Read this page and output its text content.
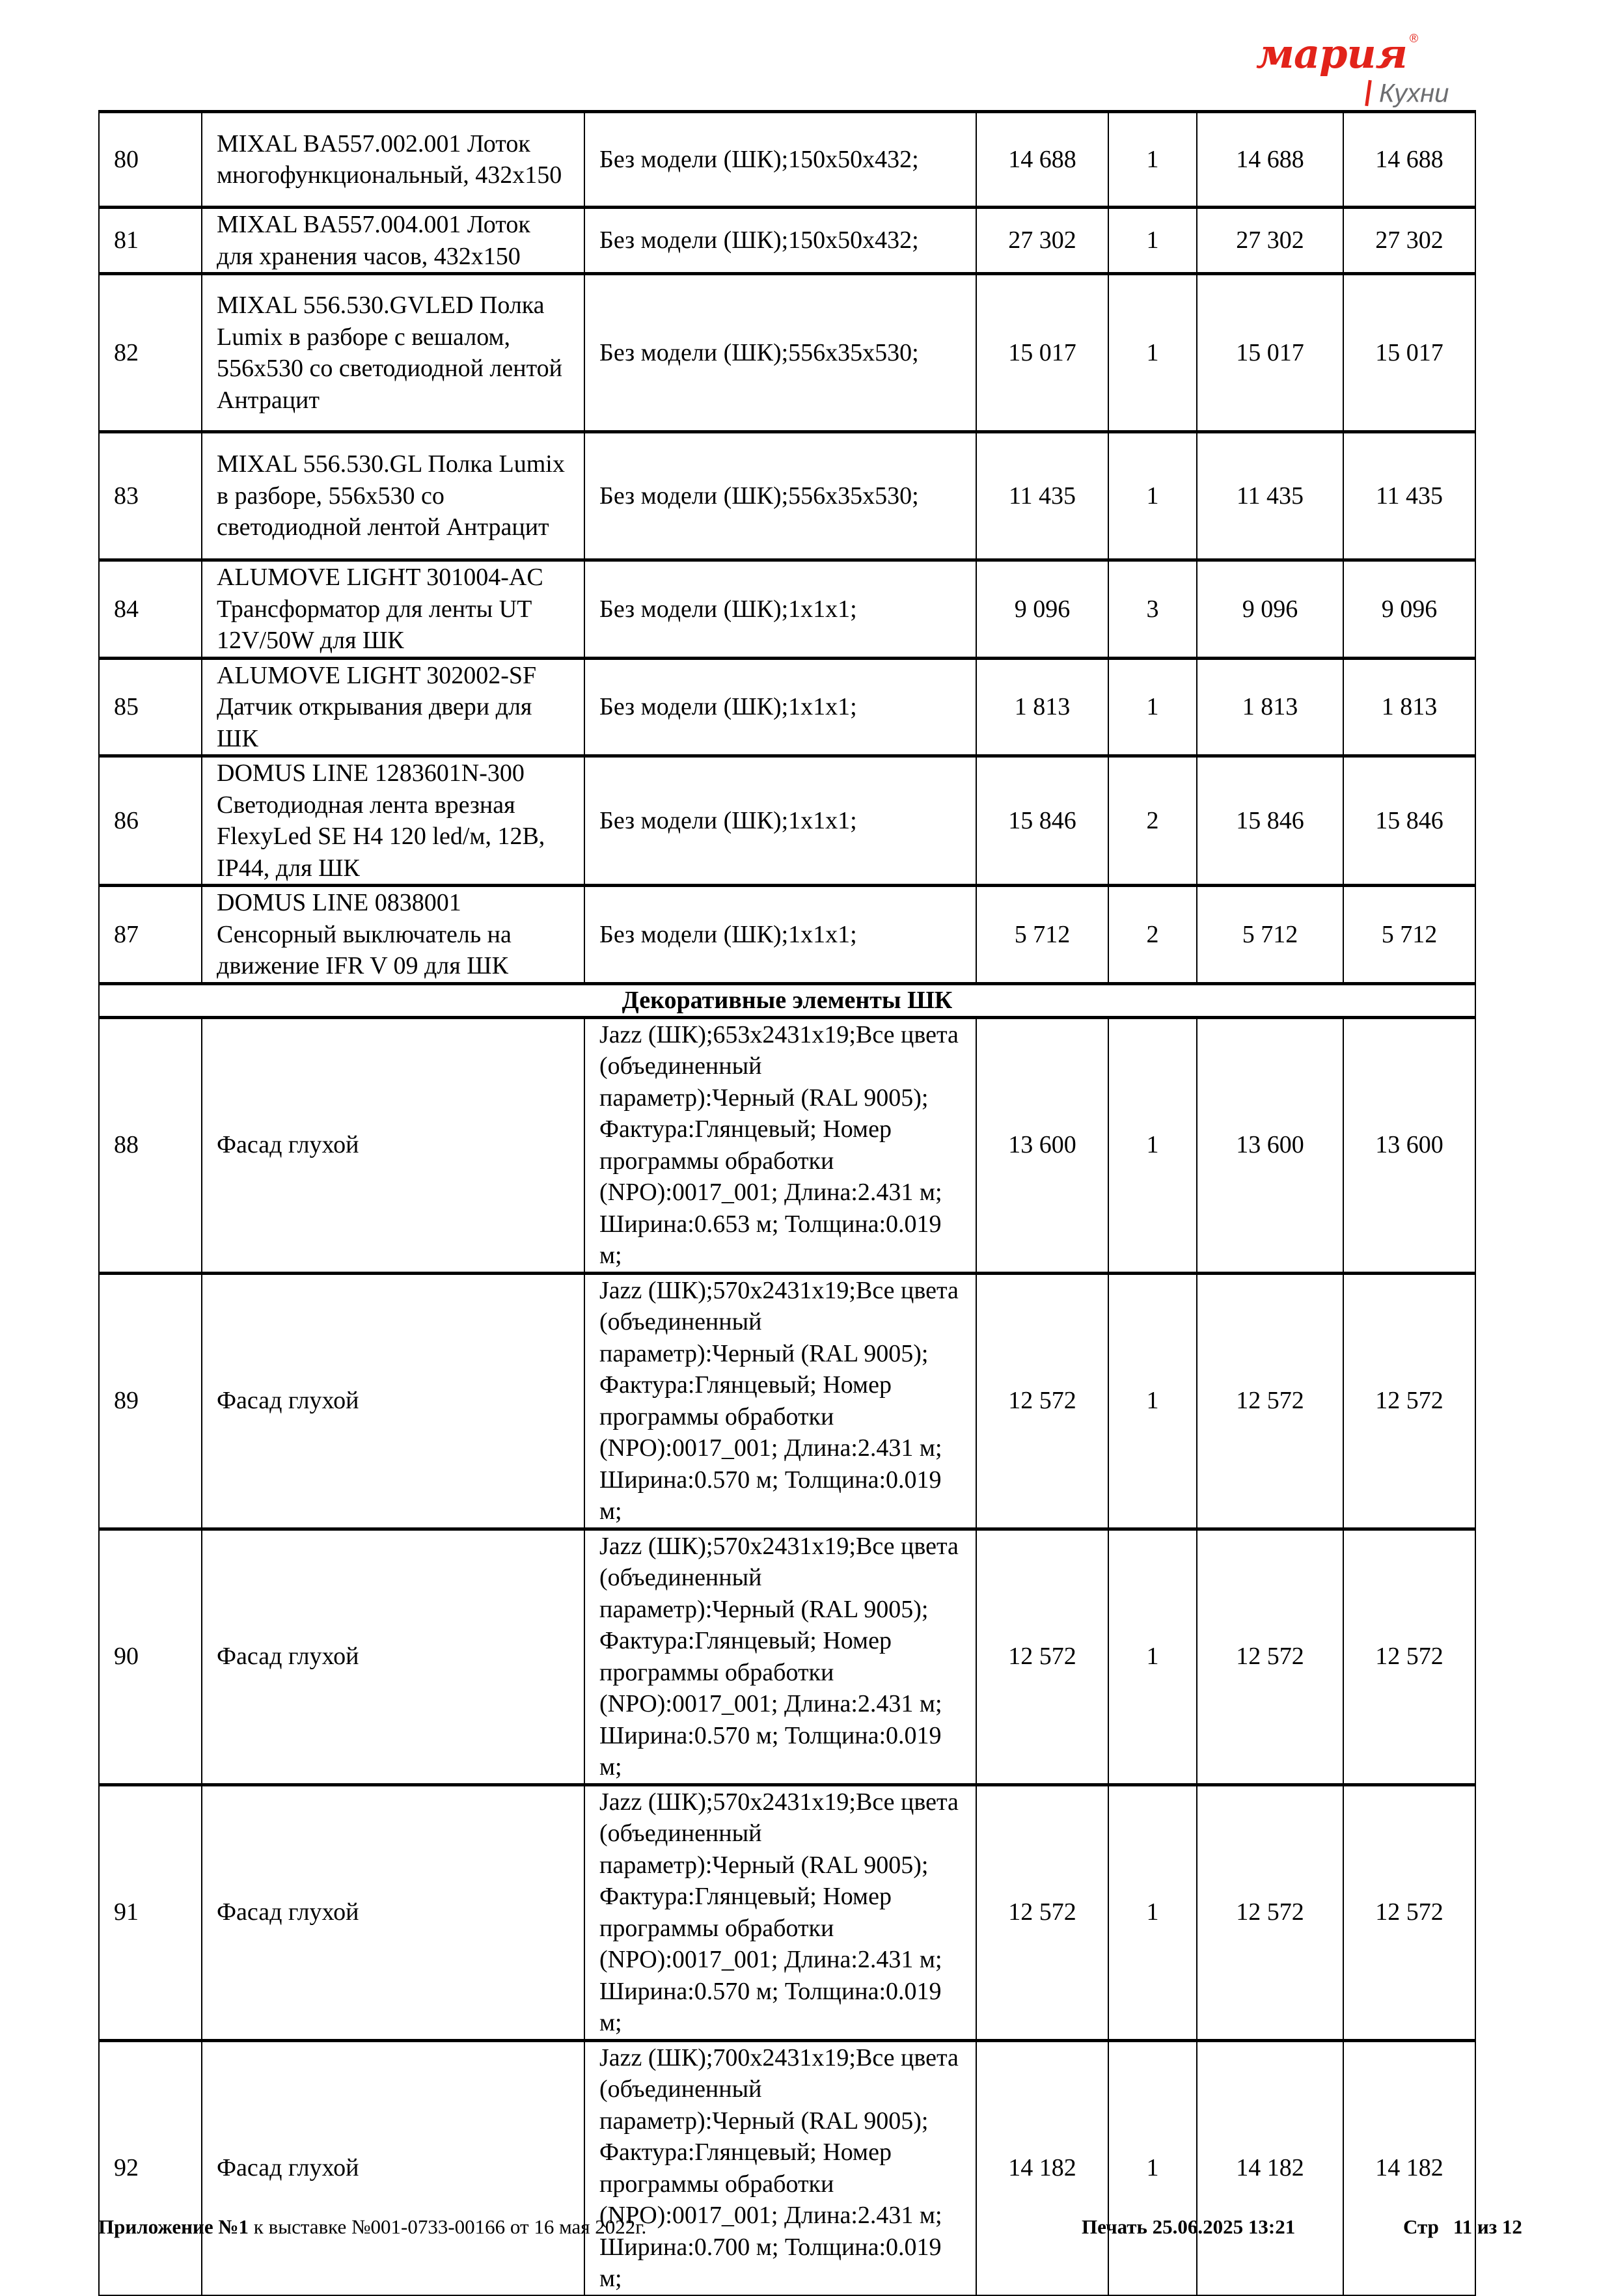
мария ®
Кухни
80	MIXAL BA557.002.001 Лоток многофункциональный, 432x150	Без модели (ШК);150x50x432;	14 688	1	14 688	14 688
81	MIXAL BA557.004.001 Лоток для хранения часов, 432x150	Без модели (ШК);150x50x432;	27 302	1	27 302	27 302
82	MIXAL 556.530.GVLED Полка Lumix в разборе с вешалом, 556x530 со светодиодной лентой Антрацит	Без модели (ШК);556x35x530;	15 017	1	15 017	15 017
83	MIXAL 556.530.GL Полка Lumix в разборе, 556x530 со светодиодной лентой Антрацит	Без модели (ШК);556x35x530;	11 435	1	11 435	11 435
84	ALUMOVE LIGHT 301004-AC Трансформатор для ленты UT 12V/50W для ШК	Без модели (ШК);1x1x1;	9 096	3	9 096	9 096
85	ALUMOVE LIGHT 302002-SF Датчик открывания двери для ШК	Без модели (ШК);1x1x1;	1 813	1	1 813	1 813
86	DOMUS LINE 1283601N-300 Светодиодная лента врезная FlexyLed SE H4 120 led/м, 12В, IP44, для ШК	Без модели (ШК);1x1x1;	15 846	2	15 846	15 846
87	DOMUS LINE 0838001 Сенсорный выключатель на движение IFR V 09 для ШК	Без модели (ШК);1x1x1;	5 712	2	5 712	5 712
Декоративные элементы ШК						
88	Фасад глухой	Jazz (ШК);653x2431x19;Все цвета (объединенный параметр):Черный (RAL 9005); Фактура:Глянцевый; Номер программы обработки (NPO):0017_001; Длина:2.431 м; Ширина:0.653 м; Толщина:0.019 м;	13 600	1	13 600	13 600
89	Фасад глухой	Jazz (ШК);570x2431x19;Все цвета (объединенный параметр):Черный (RAL 9005); Фактура:Глянцевый; Номер программы обработки (NPO):0017_001; Длина:2.431 м; Ширина:0.570 м; Толщина:0.019 м;	12 572	1	12 572	12 572
90	Фасад глухой	Jazz (ШК);570x2431x19;Все цвета (объединенный параметр):Черный (RAL 9005); Фактура:Глянцевый; Номер программы обработки (NPO):0017_001; Длина:2.431 м; Ширина:0.570 м; Толщина:0.019 м;	12 572	1	12 572	12 572
91	Фасад глухой	Jazz (ШК);570x2431x19;Все цвета (объединенный параметр):Черный (RAL 9005); Фактура:Глянцевый; Номер программы обработки (NPO):0017_001; Длина:2.431 м; Ширина:0.570 м; Толщина:0.019 м;	12 572	1	12 572	12 572
92	Фасад глухой	Jazz (ШК);700x2431x19;Все цвета (объединенный параметр):Черный (RAL 9005); Фактура:Глянцевый; Номер программы обработки (NPO):0017_001; Длина:2.431 м; Ширина:0.700 м; Толщина:0.019 м;	14 182	1	14 182	14 182
Приложение №1 к выставке №001-0733-00166 от 16 мая 2022г.	Печать 25.06.2025 13:21	Стр 11 из 12
